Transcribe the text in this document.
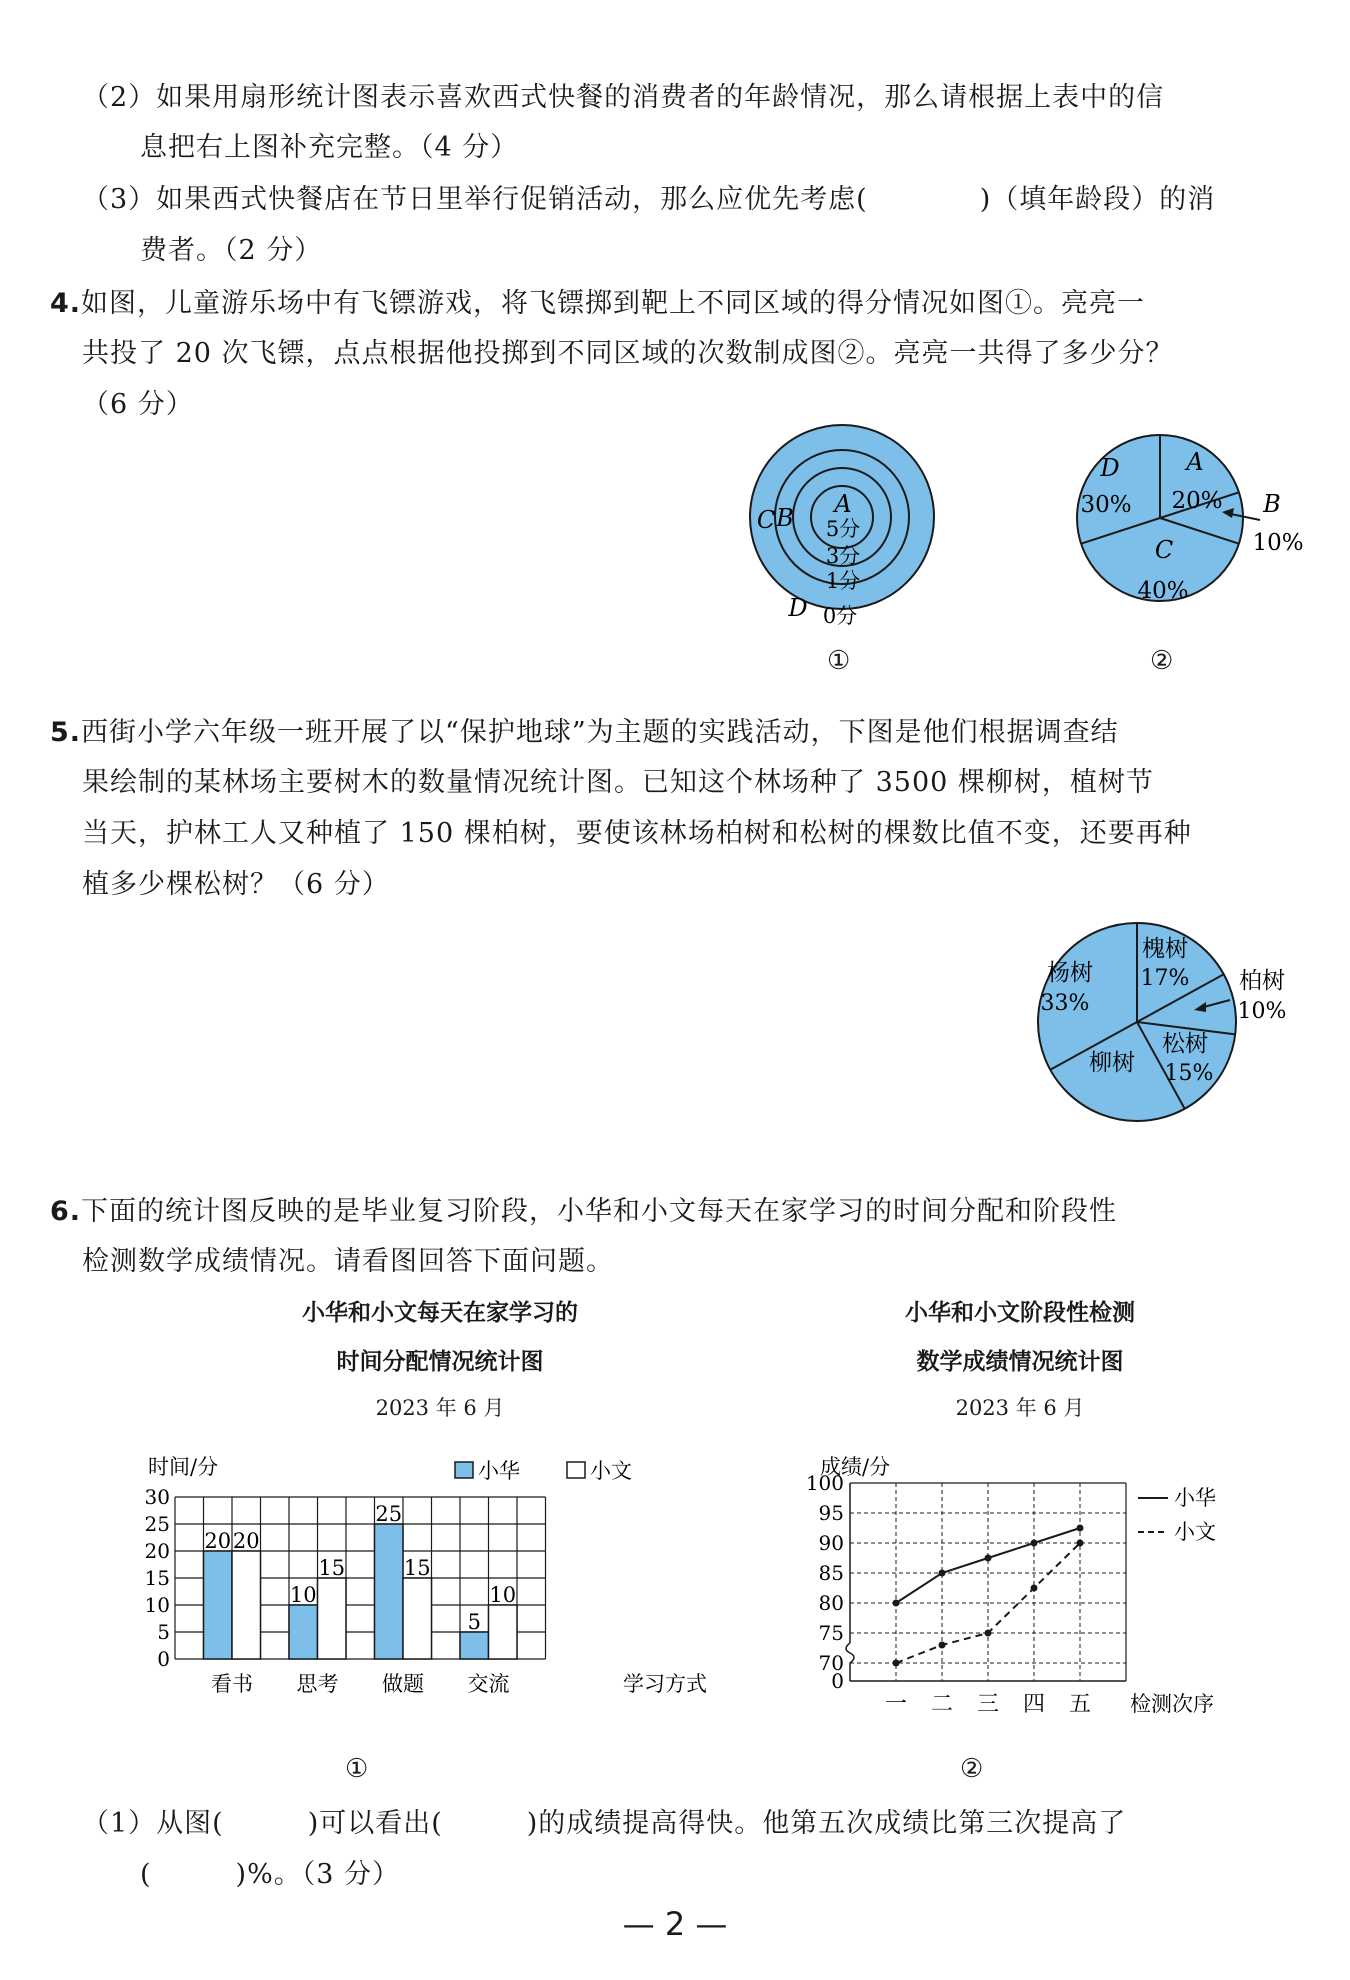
（2）如果用扇形统计图表示喜欢西式快餐的消费者的年龄情况，那么请根据上表中的信
息把右上图补充完整。（4 分）
（3）如果西式快餐店在节日里举行促销活动，那么应优先考虑(　　　　)（填年龄段）的消
费者。（2 分）
4.如图，儿童游乐场中有飞镖游戏，将飞镖掷到靶上不同区域的得分情况如图①。亮亮一
共投了 20 次飞镖，点点根据他投掷到不同区域的次数制成图②。亮亮一共得了多少分？
（6 分）
A
5分
3分
1分
B
C
D 0分
①
A
20%
C
40%
D
30%	B
10%
②
5.西街小学六年级一班开展了以“保护地球”为主题的实践活动，下图是他们根据调查结
果绘制的某林场主要树木的数量情况统计图。已知这个林场种了 3500 棵柳树，植树节
当天，护林工人又种植了 150 棵柏树，要使该林场柏树和松树的棵数比值不变，还要再种
植多少棵松树？（6 分）
槐树
17%
松树
15%
柳树
杨树
33%
柏树
10%
6.下面的统计图反映的是毕业复习阶段，小华和小文每天在家学习的时间分配和阶段性
检测数学成绩情况。请看图回答下面问题。
小华和小文每天在家学习的
时间分配情况统计图
2023 年 6 月
小华和小文阶段性检测
数学成绩情况统计图
2023 年 6 月
0
5
10
15
20
25
30
时间/分	小华	小文
20 20
看书
10
15
思考
25
15
做题
5
10
交流	学习方式	0
70
75
80
85
90
95
100
一 二 三 四 五 检测次序
成绩/分
小华
小文
①	②
（1）从图(　　　)可以看出(　　　)的成绩提高得快。他第五次成绩比第三次提高了
(　　　)%。（3 分）
— 2 —
